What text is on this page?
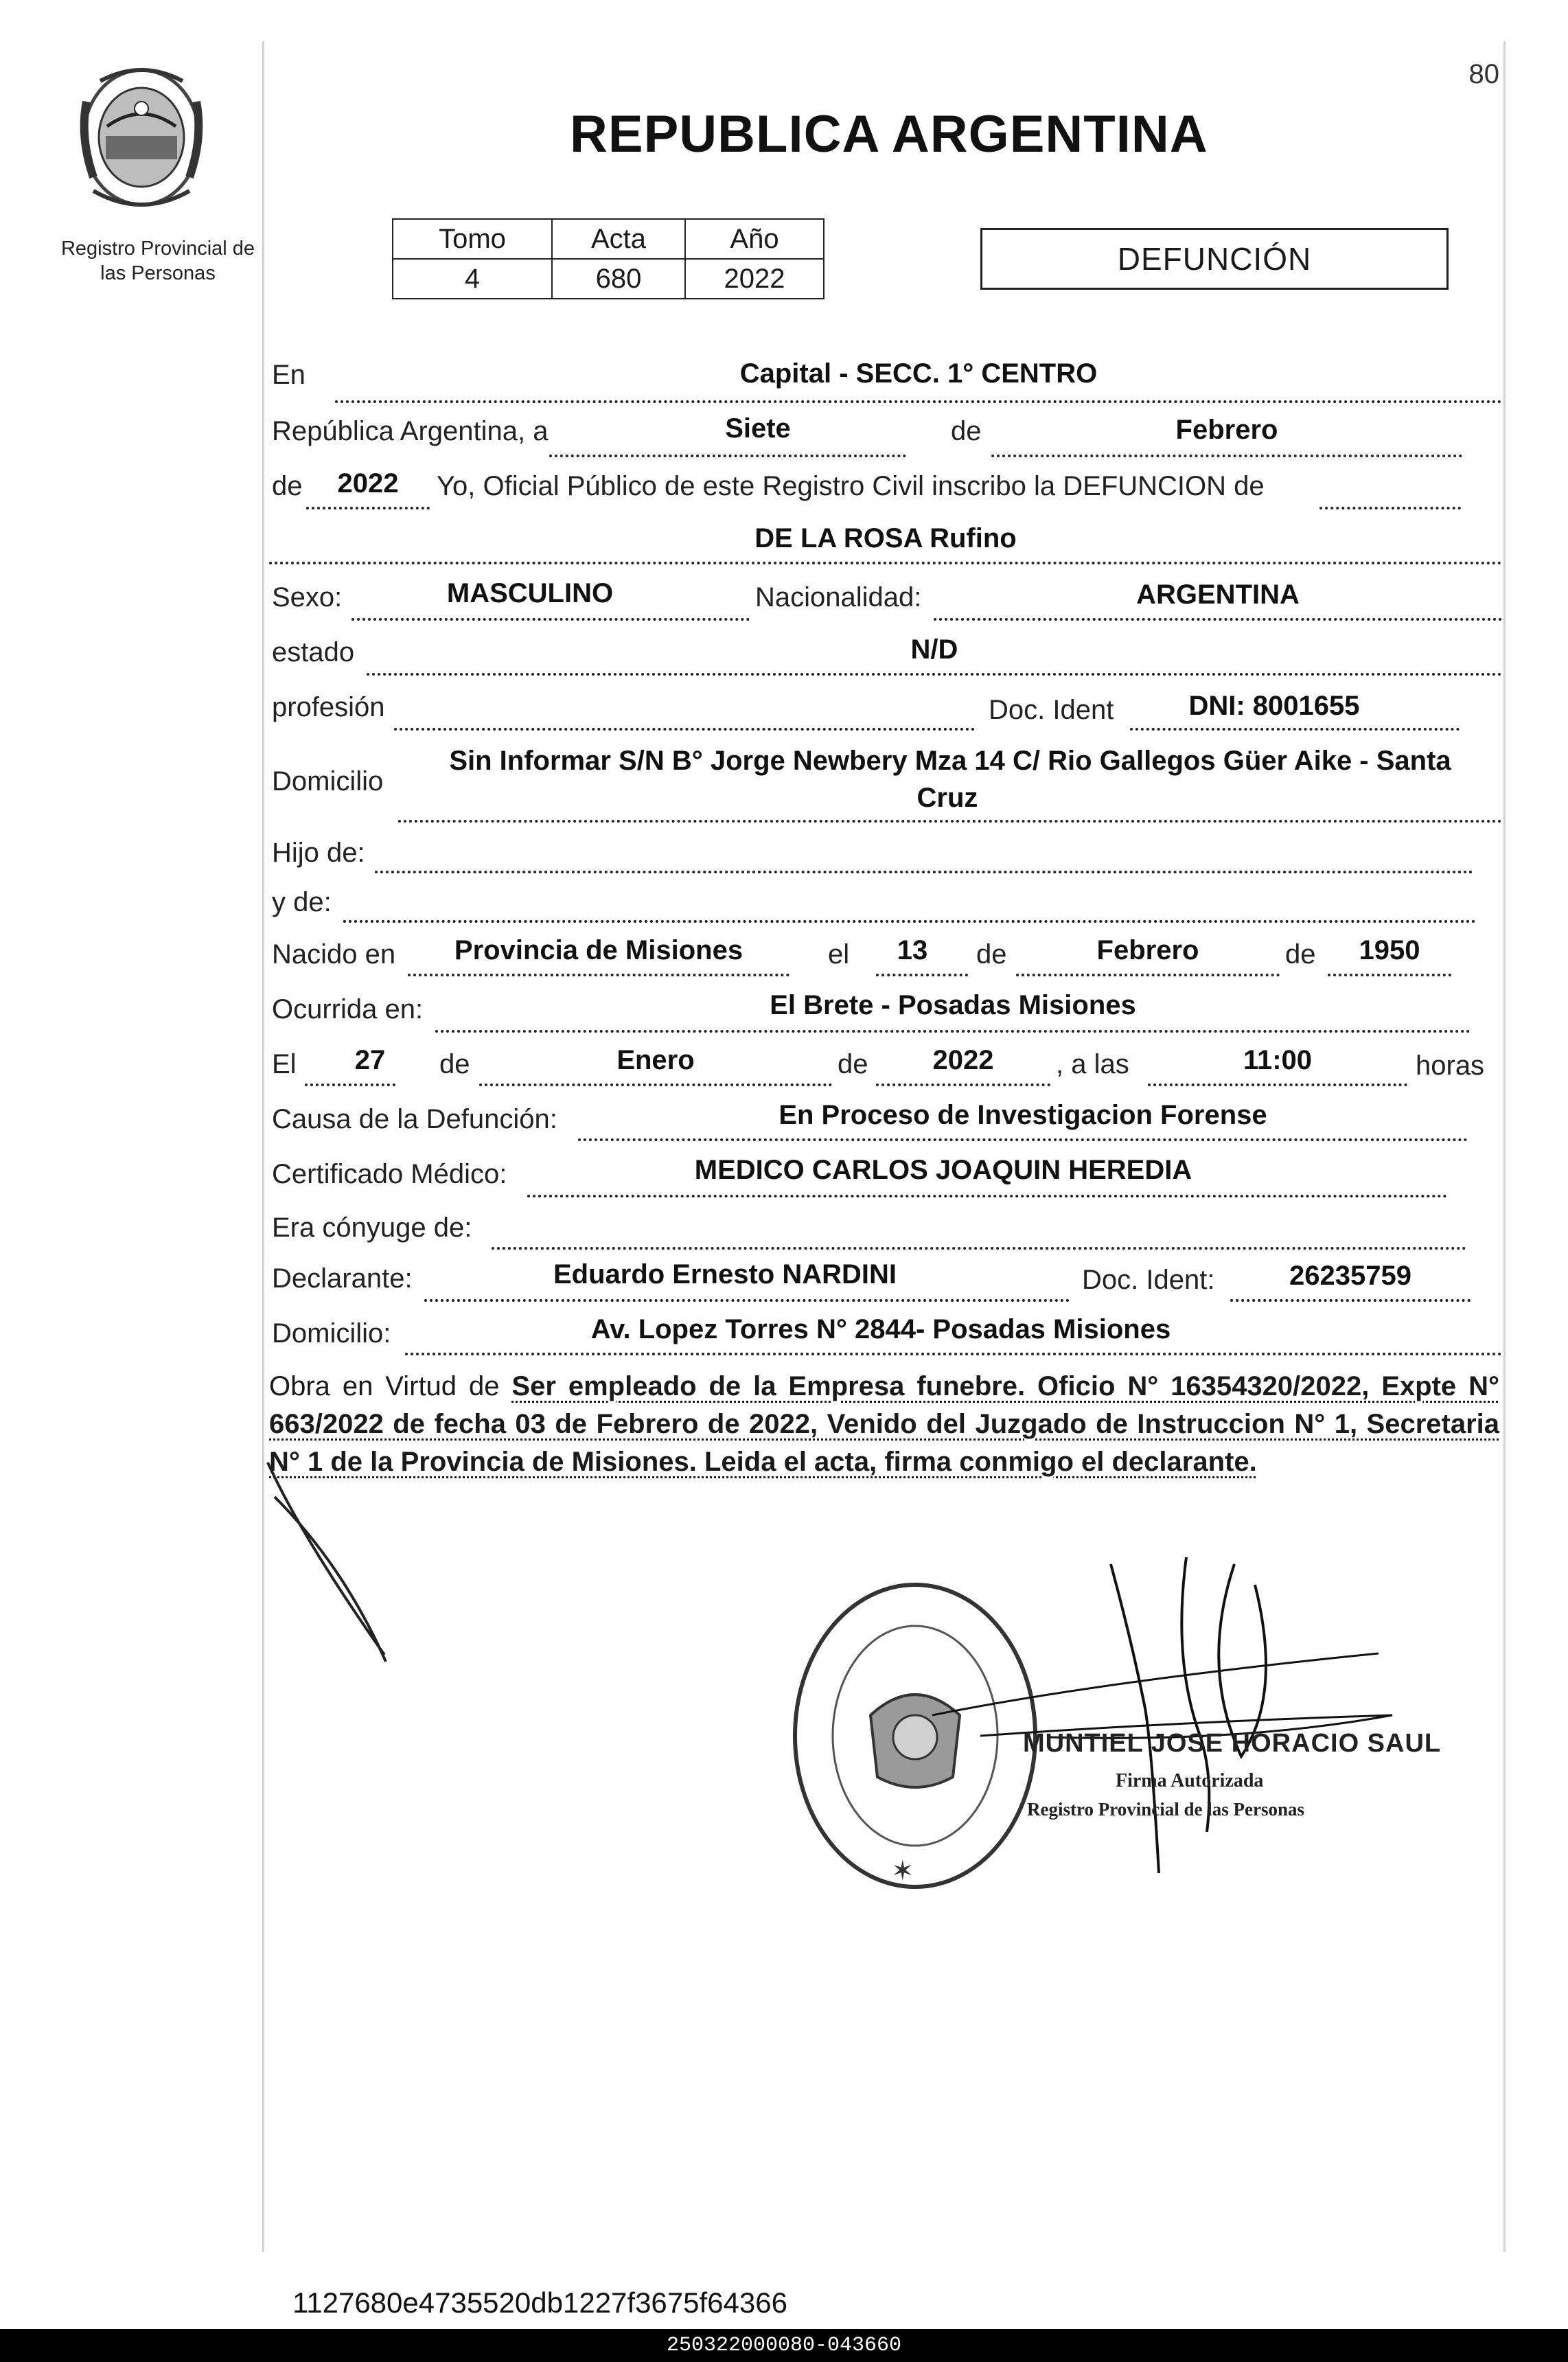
Registro Provincial de
las Personas
80
REPUBLICA ARGENTINA
Tomo	Acta	Año
4	680	2022
DEFUNCIÓN
En	Capital - SECC. 1° CENTRO
República Argentina, a	Siete	de	Febrero
de	2022	Yo, Oficial Público de este Registro Civil inscribo la DEFUNCION de
DE LA ROSA Rufino
Sexo:	MASCULINO	Nacionalidad:	ARGENTINA
estado	N/D
profesión	Doc. Ident	DNI: 8001655
Domicilio
Sin Informar S/N B° Jorge Newbery Mza 14 C/ Rio Gallegos Güer Aike - Santa
Cruz
Hijo de:
y de:
Nacido en	Provincia de Misiones	el	13	de	Febrero	de	1950
Ocurrida en:	El Brete - Posadas Misiones
El	27	de	Enero	de	2022	, a las	11:00	horas
Causa de la Defunción:	En Proceso de Investigacion Forense
Certificado Médico:	MEDICO CARLOS JOAQUIN HEREDIA
Era cónyuge de:
Declarante:	Eduardo Ernesto NARDINI	Doc. Ident:	26235759
Domicilio:	Av. Lopez Torres N° 2844- Posadas Misiones
Obra en Virtud de Ser empleado de la Empresa funebre. Oficio N° 16354320/2022, Expte N° 663/2022 de fecha 03 de Febrero de 2022, Venido del Juzgado de Instruccion N° 1, Secretaria N° 1 de la Provincia de Misiones. Leida el acta, firma conmigo el declarante.
✶
MUNTIEL JOSE HORACIO SAUL
Firma Autorizada
Registro Provincial de las Personas
1127680e4735520db1227f3675f64366
250322000080-043660
